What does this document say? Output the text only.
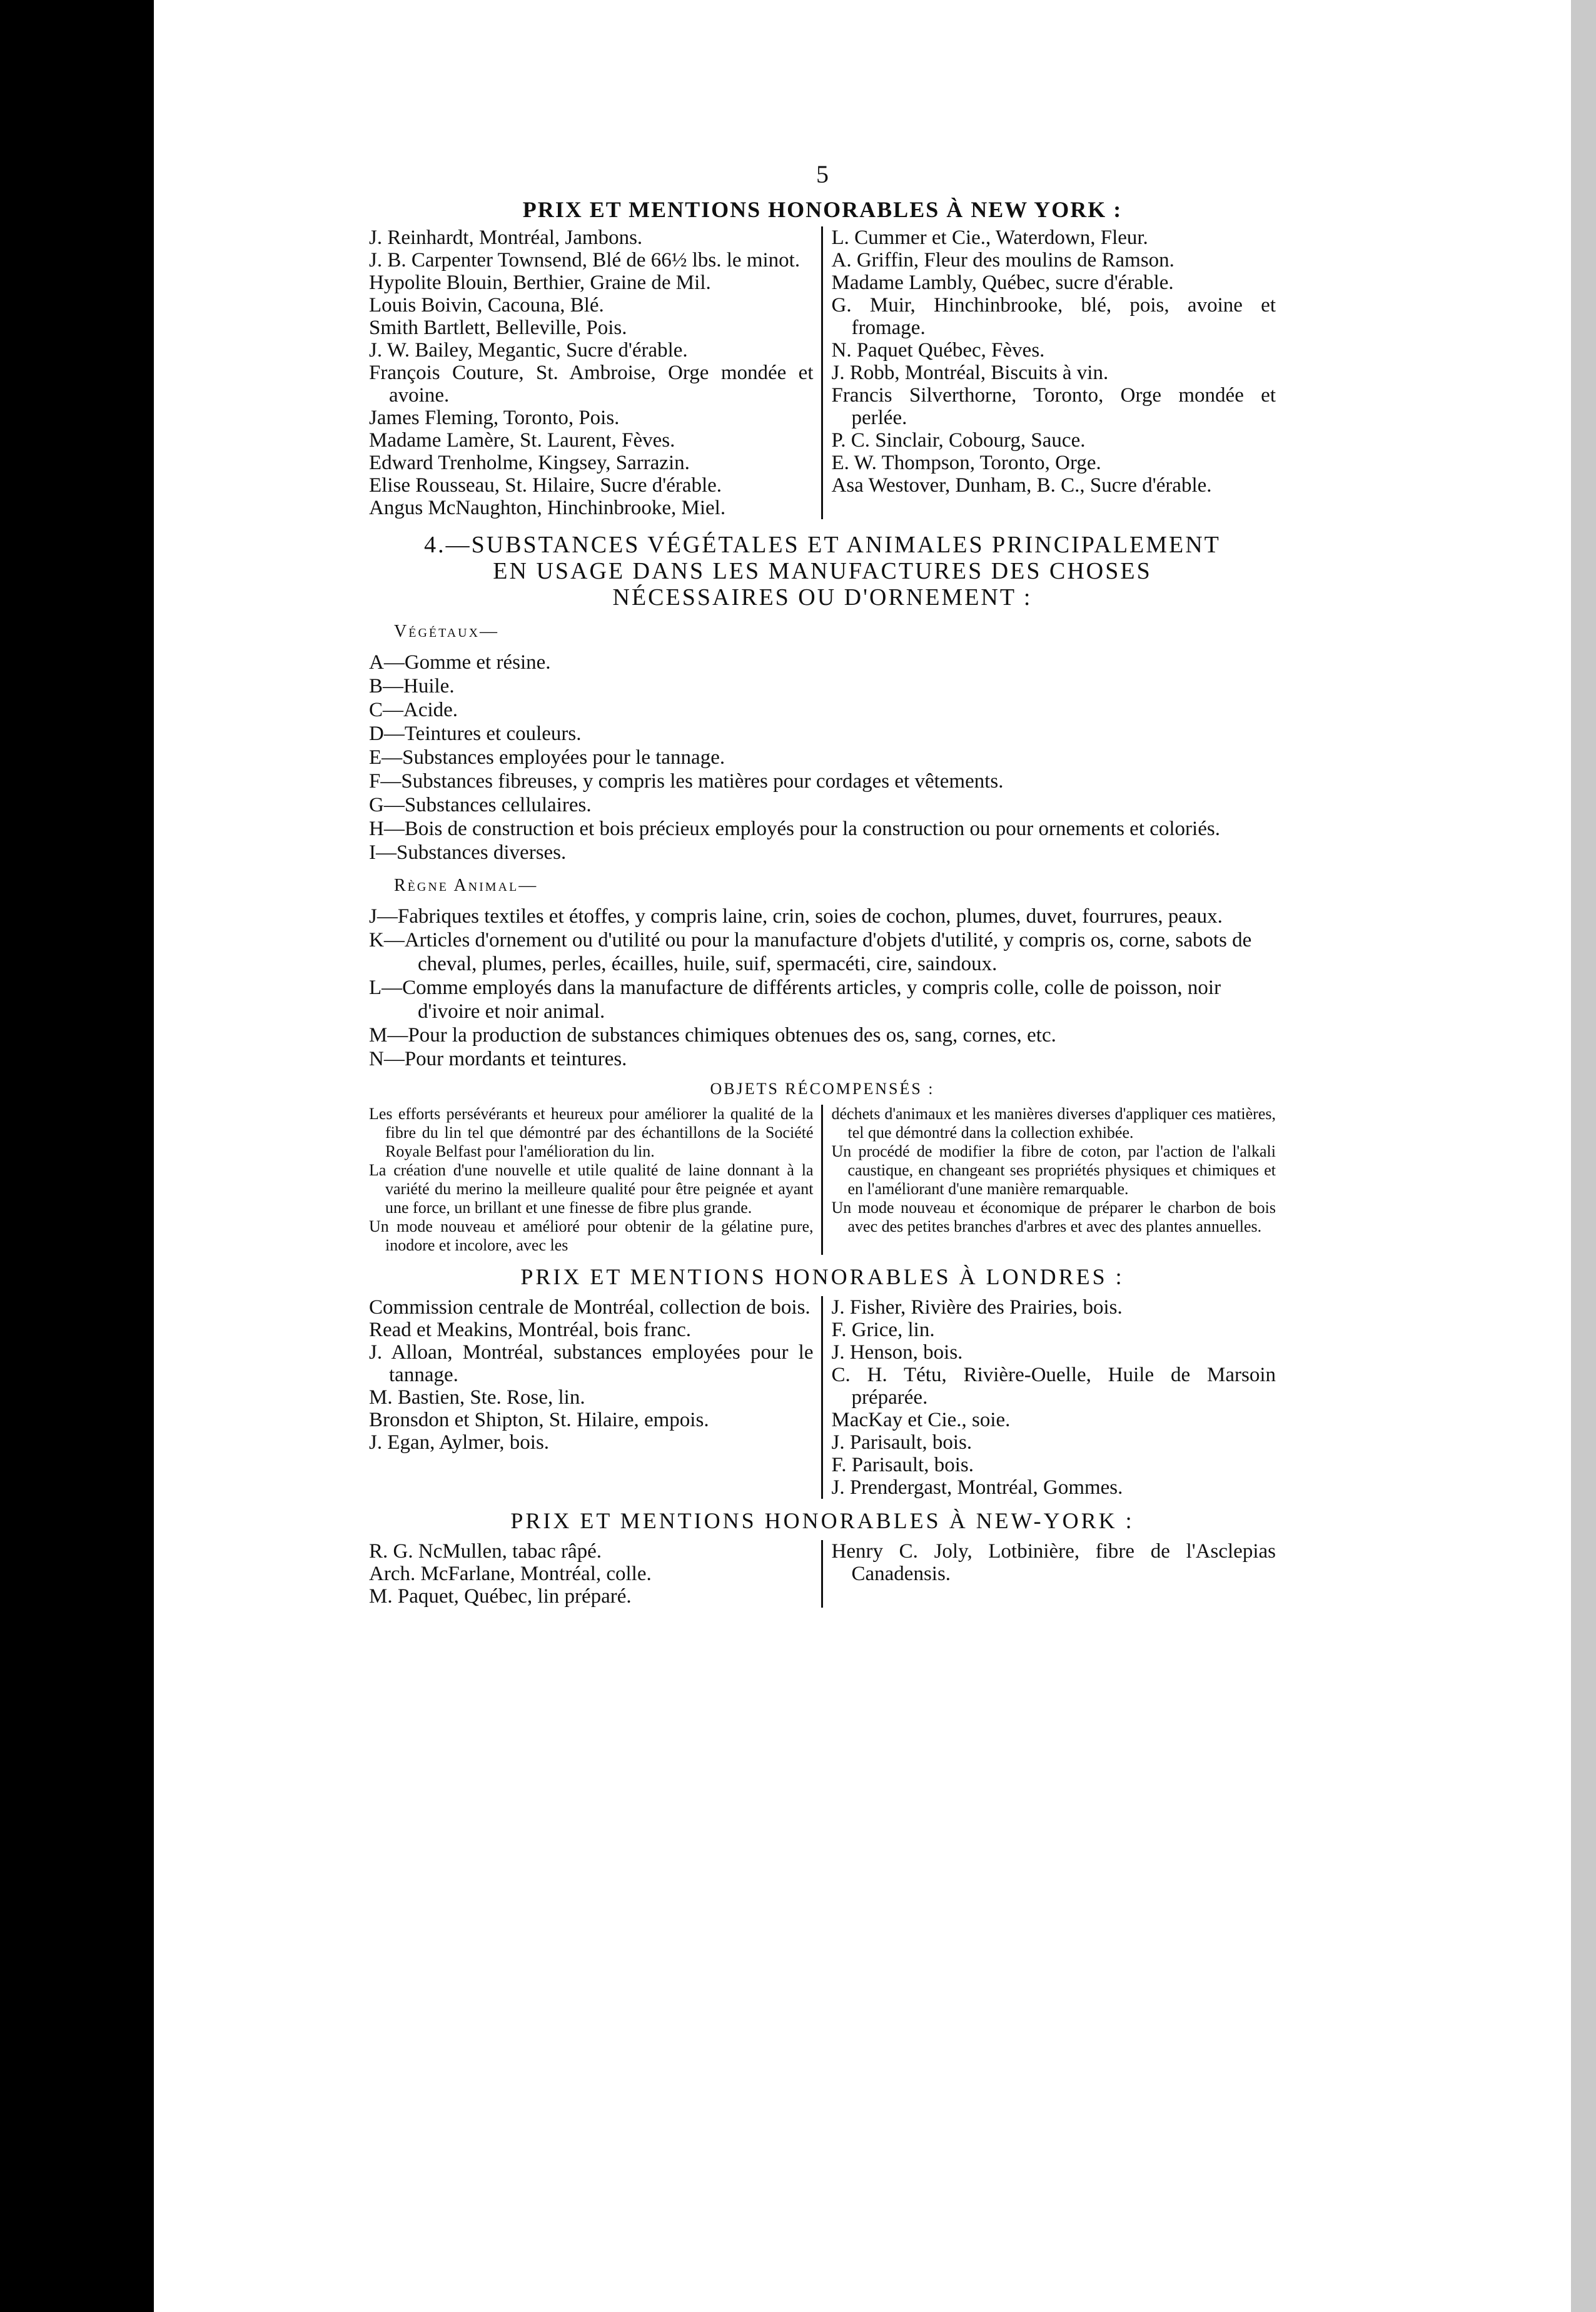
5
PRIX ET MENTIONS HONORABLES À NEW YORK :

J. Reinhardt, Montréal, Jambons.

J. B. Carpenter Townsend, Blé de 66½ lbs. le minot.

Hypolite Blouin, Berthier, Graine de Mil.

Louis Boivin, Cacouna, Blé.

Smith Bartlett, Belleville, Pois.

J. W. Bailey, Megantic, Sucre d'érable.

François Couture, St. Ambroise, Orge mondée et avoine.

James Fleming, Toronto, Pois.

Madame Lamère, St. Laurent, Fèves.

Edward Trenholme, Kingsey, Sarrazin.

Elise Rousseau, St. Hilaire, Sucre d'érable.

Angus McNaughton, Hinchinbrooke, Miel.

L. Cummer et Cie., Waterdown, Fleur.

A. Griffin, Fleur des moulins de Ramson.

Madame Lambly, Québec, sucre d'érable.

G. Muir, Hinchinbrooke, blé, pois, avoine et fromage.

N. Paquet Québec, Fèves.

J. Robb, Montréal, Biscuits à vin.

Francis Silverthorne, Toronto, Orge mondée et perlée.

P. C. Sinclair, Cobourg, Sauce.

E. W. Thompson, Toronto, Orge.

Asa Westover, Dunham, B. C., Sucre d'érable.

4.—SUBSTANCES VÉGÉTALES ET ANIMALES PRINCIPALEMENT
EN USAGE DANS LES MANUFACTURES DES CHOSES
NÉCESSAIRES OU D'ORNEMENT :
Végétaux—

A—Gomme et résine.

B—Huile.

C—Acide.

D—Teintures et couleurs.

E—Substances employées pour le tannage.

F—Substances fibreuses, y compris les matières pour cordages et vêtements.

G—Substances cellulaires.

H—Bois de construction et bois précieux employés pour la construction ou pour ornements et coloriés.

I—Substances diverses.

Règne Animal—

J—Fabriques textiles et étoffes, y compris laine, crin, soies de cochon, plumes, duvet, fourrures, peaux.

K—Articles d'ornement ou d'utilité ou pour la manufacture d'objets d'utilité, y compris os, corne, sabots de cheval, plumes, perles, écailles, huile, suif, spermacéti, cire, saindoux.

L—Comme employés dans la manufacture de différents articles, y compris colle, colle de poisson, noir d'ivoire et noir animal.

M—Pour la production de substances chimiques obtenues des os, sang, cornes, etc.

N—Pour mordants et teintures.

OBJETS RÉCOMPENSÉS :

Les efforts persévérants et heureux pour améliorer la qualité de la fibre du lin tel que démontré par des échantillons de la Société Royale Belfast pour l'amélioration du lin.

La création d'une nouvelle et utile qualité de laine donnant à la variété du merino la meilleure qualité pour être peignée et ayant une force, un brillant et une finesse de fibre plus grande.

Un mode nouveau et amélioré pour obtenir de la gélatine pure, inodore et incolore, avec les

déchets d'animaux et les manières diverses d'appliquer ces matières, tel que démontré dans la collection exhibée.

Un procédé de modifier la fibre de coton, par l'action de l'alkali caustique, en changeant ses propriétés physiques et chimiques et en l'améliorant d'une manière remarquable.

Un mode nouveau et économique de préparer le charbon de bois avec des petites branches d'arbres et avec des plantes annuelles.

PRIX ET MENTIONS HONORABLES À LONDRES :

Commission centrale de Montréal, collection de bois.

Read et Meakins, Montréal, bois franc.

J. Alloan, Montréal, substances employées pour le tannage.

M. Bastien, Ste. Rose, lin.

Bronsdon et Shipton, St. Hilaire, empois.

J. Egan, Aylmer, bois.

J. Fisher, Rivière des Prairies, bois.

F. Grice, lin.

J. Henson, bois.

C. H. Tétu, Rivière-Ouelle, Huile de Marsoin préparée.

MacKay et Cie., soie.

J. Parisault, bois.

F. Parisault, bois.

J. Prendergast, Montréal, Gommes.

PRIX ET MENTIONS HONORABLES À NEW-YORK :

R. G. NcMullen, tabac râpé.

Arch. McFarlane, Montréal, colle.

M. Paquet, Québec, lin préparé.

Henry C. Joly, Lotbinière, fibre de l'Asclepias Canadensis.
